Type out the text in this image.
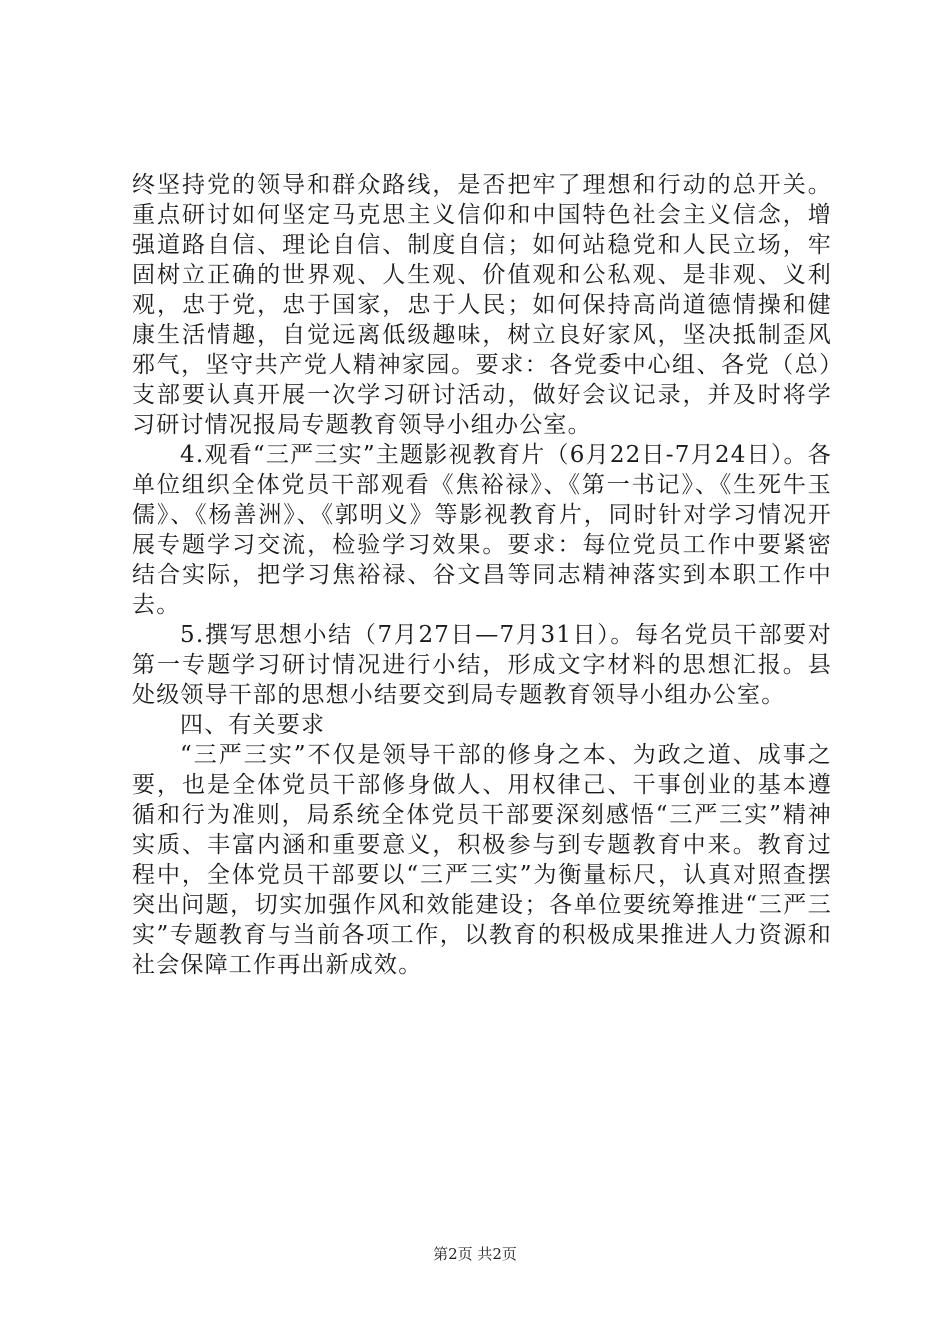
终坚持党的领导和群众路线，是否把牢了理想和行动的总开关。重点研讨如何坚定马克思主义信仰和中国特色社会主义信念，增强道路自信、理论自信、制度自信；如何站稳党和人民立场，牢固树立正确的世界观、人生观、价值观和公私观、是非观、义利观，忠于党，忠于国家，忠于人民；如何保持高尚道德情操和健康生活情趣，自觉远离低级趣味，树立良好家风，坚决抵制歪风邪气，坚守共产党人精神家园。要求：各党委中心组、各党（总）支部要认真开展一次学习研讨活动，做好会议记录，并及时将学习研讨情况报局专题教育领导小组办公室。

4.观看“三严三实”主题影视教育片（6月22日-7月24日）。各单位组织全体党员干部观看《焦裕禄》、《第一书记》、《生死牛玉儒》、《杨善洲》、《郭明义》等影视教育片，同时针对学习情况开展专题学习交流，检验学习效果。要求：每位党员工作中要紧密结合实际，把学习焦裕禄、谷文昌等同志精神落实到本职工作中去。

5.撰写思想小结（7月27日—7月31日）。每名党员干部要对第一专题学习研讨情况进行小结，形成文字材料的思想汇报。县处级领导干部的思想小结要交到局专题教育领导小组办公室。

四、有关要求

“三严三实”不仅是领导干部的修身之本、为政之道、成事之要，也是全体党员干部修身做人、用权律己、干事创业的基本遵循和行为准则，局系统全体党员干部要深刻感悟“三严三实”精神实质、丰富内涵和重要意义，积极参与到专题教育中来。教育过程中，全体党员干部要以“三严三实”为衡量标尺，认真对照查摆突出问题，切实加强作风和效能建设；各单位要统筹推进“三严三实”专题教育与当前各项工作，以教育的积极成果推进人力资源和社会保障工作再出新成效。

第2页 共2页
